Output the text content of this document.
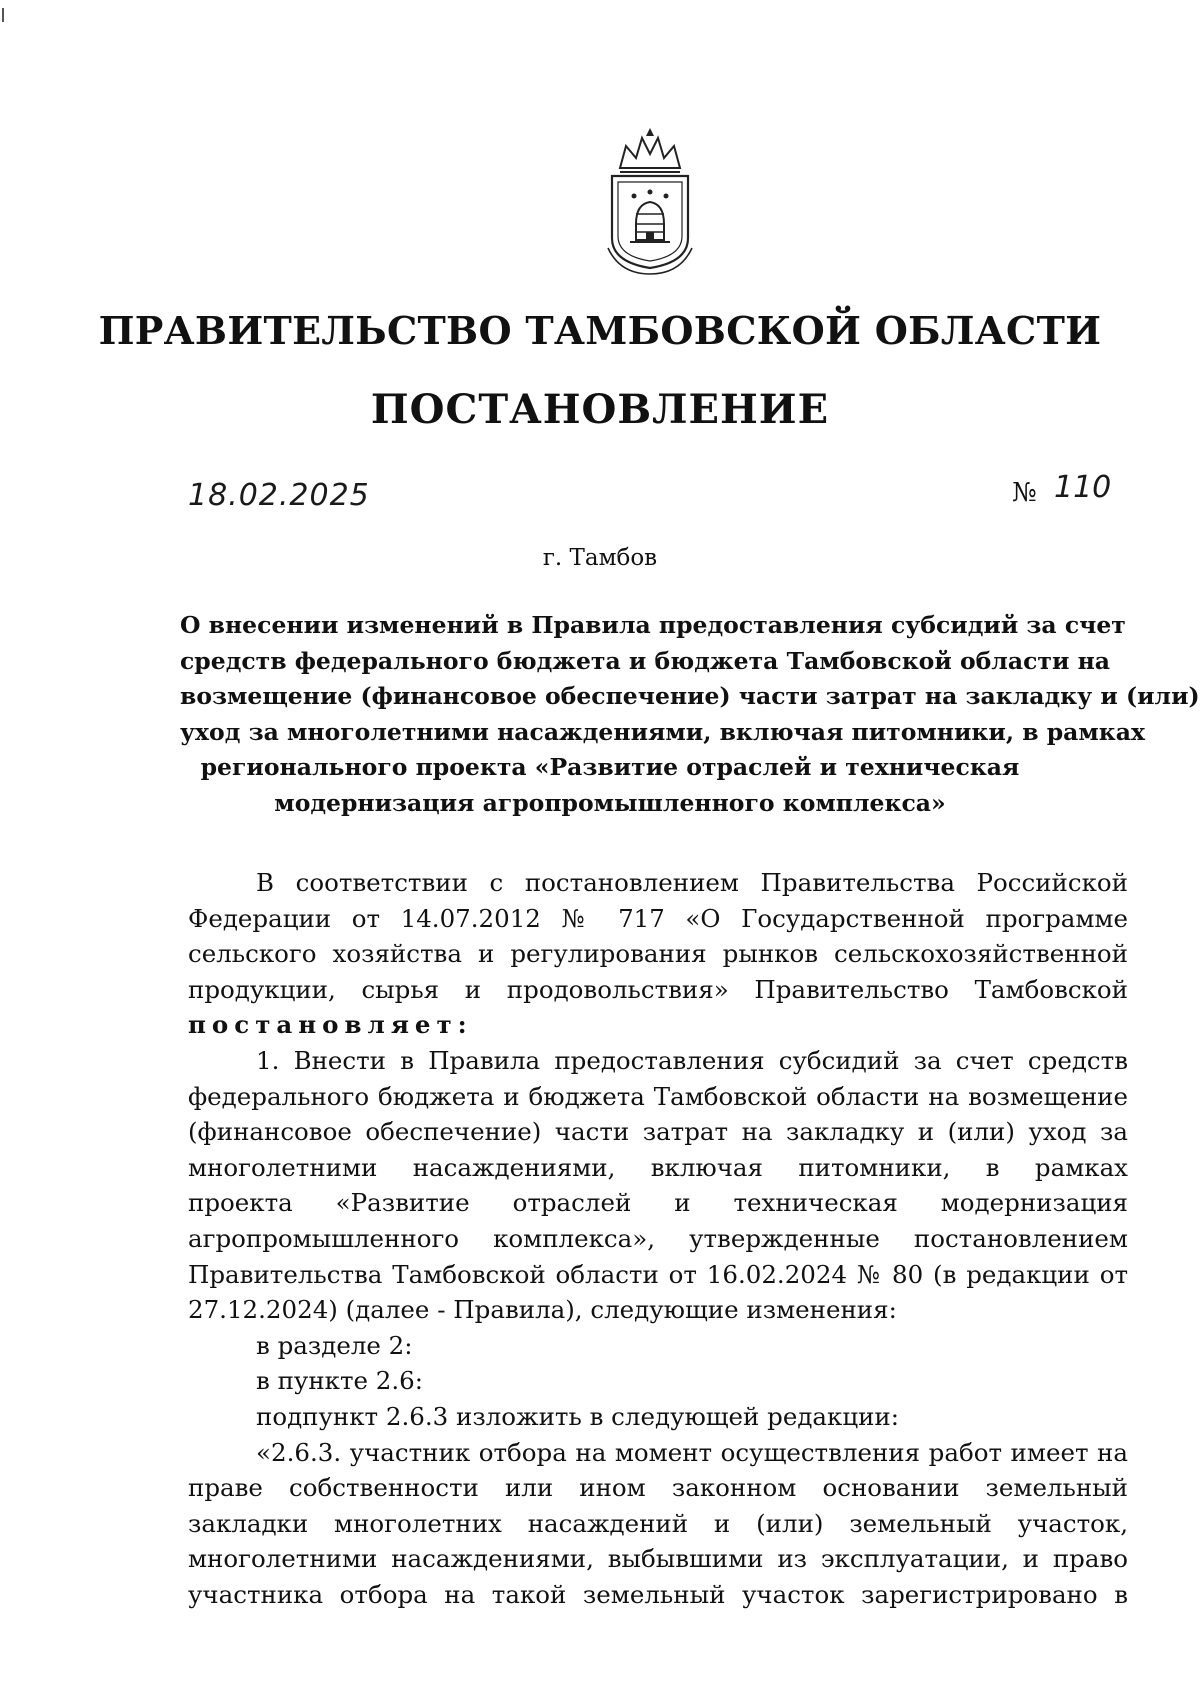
ПРАВИТЕЛЬСТВО ТАМБОВСКОЙ ОБЛАСТИ
ПОСТАНОВЛЕНИЕ
18.02.2025	№ 110
г. Тамбов
О внесении изменений в Правила предоставления субсидий за счет
средств федерального бюджета и бюджета Тамбовской области на
возмещение (финансовое обеспечение) части затрат на закладку и (или)
уход за многолетними насаждениями, включая питомники, в рамках
регионального проекта «Развитие отраслей и техническая
модернизация агропромышленного комплекса»
В соответствии с постановлением Правительства Российской
Федерации от 14.07.2012 № 717 «О Государственной программе
сельского хозяйства и регулирования рынков сельскохозяйственной
продукции, сырья и продовольствия» Правительство Тамбовской
постановляет:
1. Внести в Правила предоставления субсидий за счет средств
федерального бюджета и бюджета Тамбовской области на возмещение
(финансовое обеспечение) части затрат на закладку и (или) уход за
многолетними насаждениями, включая питомники, в рамках
проекта «Развитие отраслей и техническая модернизация
агропромышленного комплекса», утвержденные постановлением
Правительства Тамбовской области от 16.02.2024 № 80 (в редакции от
27.12.2024) (далее - Правила), следующие изменения:
в разделе 2:
в пункте 2.6:
подпункт 2.6.3 изложить в следующей редакции:
«2.6.3. участник отбора на момент осуществления работ имеет на
праве собственности или ином законном основании земельный
закладки многолетних насаждений и (или) земельный участок,
многолетними насаждениями, выбывшими из эксплуатации, и право
участника отбора на такой земельный участок зарегистрировано в
